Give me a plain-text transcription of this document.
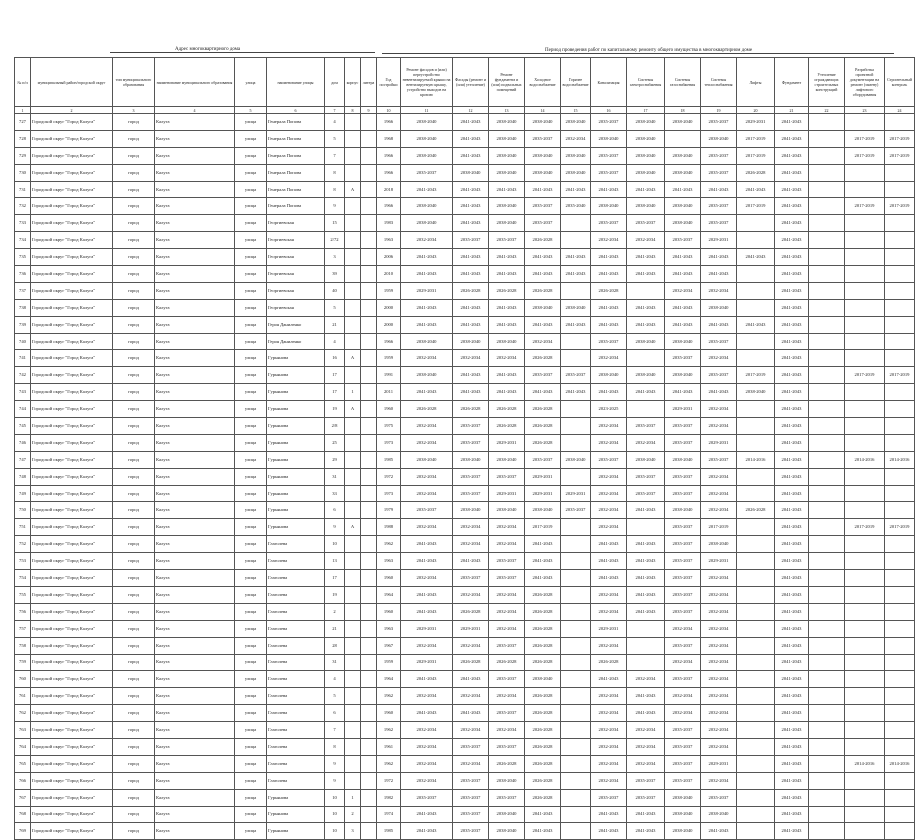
Адрес многоквартирного дома	Период проведения работ по капитальному ремонту общего имущества в многоквартирном доме
№ п/п	муниципальный район/городской округ	тип муниципального образования	наименование муниципального образования	улица	наименование улицы	дом	корпус	литера	Год постройки	Ремонт фасадов и (или) переустройство невентилируемой крыши на вентилируемую крышу, устройство выходов на кровлю	Фасады (ремонт и (или) утепление)	Ремонт фундамента и (или) подвальных помещений	Холодное водоснабжение	Горячее водоснабжение	Канализация	Системы электроснабжения	Системы газоснабжения	Системы теплоснабжения	Лифты	Фундамент	Утепление ограждающих строительных конструкций	Разработка проектной документации на ремонт (замену) лифтового оборудования	Строительный контроль
1	2	3	4	5	6	7	8	9	10	11	12	13	14	15	16	17	18	19	20	21	22	23	24
727	Городской округ "Город Калуга"	город	Калуга	улица	Генерала Попова	4			1966	2038-2040	2041-2043	2038-2040	2038-2040	2038-2040	2035-2037	2038-2040	2038-2040	2035-2037	2029-2031	2041-2043			
728	Городской округ "Город Калуга"	город	Калуга	улица	Генерала Попова	5			1968	2038-2040	2041-2043	2038-2040	2035-2037	2032-2034	2038-2040	2038-2040		2038-2040	2017-2019	2041-2043		2017-2019	2017-2019
729	Городской округ "Город Калуга"	город	Калуга	улица	Генерала Попова	7			1966	2038-2040	2041-2043	2038-2040	2038-2040	2038-2040	2035-2037	2038-2040	2038-2040	2035-2037	2017-2019	2041-2043		2017-2019	2017-2019
730	Городской округ "Город Калуга"	город	Калуга	улица	Генерала Попова	8			1966	2035-2037	2038-2040	2038-2040	2038-2040	2038-2040	2035-2037	2038-2040	2038-2040	2035-2037	2026-2028	2041-2043			
731	Городской округ "Город Калуга"	город	Калуга	улица	Генерала Попова	8	А		2018	2041-2043	2041-2043	2041-2043	2041-2043	2041-2043	2041-2043	2041-2043	2041-2043	2041-2043	2041-2043	2041-2043			
732	Городской округ "Город Калуга"	город	Калуга	улица	Генерала Попова	9			1966	2038-2040	2041-2043	2038-2040	2035-2037	2035-2040	2038-2040	2038-2040	2038-2040	2035-2037	2017-2019	2041-2043		2017-2019	2017-2019
733	Городской округ "Город Калуга"	город	Калуга	улица	Георгиевская	15			1983	2038-2040	2041-2043	2038-2040	2035-2037		2035-2037	2035-2037	2038-2040	2035-2037		2041-2043			
734	Городской округ "Город Калуга"	город	Калуга	улица	Георгиевская	2/72			1963	2032-2034	2035-2037	2035-2037	2026-2028		2032-2034	2032-2034	2035-2037	2029-2031		2041-2043			
735	Городской округ "Город Калуга"	город	Калуга	улица	Георгиевская	3			2006	2041-2043	2041-2043	2041-2043	2041-2043	2041-2043	2041-2043	2041-2043	2041-2043	2041-2043	2041-2043	2041-2043			
736	Городской округ "Город Калуга"	город	Калуга	улица	Георгиевская	39			2010	2041-2043	2041-2043	2041-2043	2041-2043	2041-2043	2041-2043	2041-2043	2041-2043	2041-2043		2041-2043			
737	Городской округ "Город Калуга"	город	Калуга	улица	Георгиевская	40			1959	2029-2031	2026-2028	2026-2028	2026-2028		2026-2028		2032-2034	2032-2034		2041-2043			
738	Городской округ "Город Калуга"	город	Калуга	улица	Георгиевская	5			2000	2041-2043	2041-2043	2041-2043	2038-2040	2038-2040	2041-2043	2041-2043	2041-2043	2038-2040		2041-2043			
739	Городской округ "Город Калуга"	город	Калуга	улица	Героя Даниленко	21			2000	2041-2043	2041-2043	2041-2043	2041-2043	2041-2043	2041-2043	2041-2043	2041-2043	2041-2043	2041-2043	2041-2043			
740	Городской округ "Город Калуга"	город	Калуга	улица	Героя Даниленко	4			1966	2038-2040	2038-2040	2038-2040	2032-2034		2035-2037	2038-2040	2038-2040	2035-2037		2041-2043			
741	Городской округ "Город Калуга"	город	Калуга	улица	Гурьянова	16	А		1959	2032-2034	2032-2034	2032-2034	2026-2028		2032-2034		2035-2037	2032-2034		2041-2043			
742	Городской округ "Город Калуга"	город	Калуга	улица	Гурьянова	17			1991	2038-2040	2041-2043	2041-2043	2035-2037	2035-2037	2038-2040	2038-2040	2038-2040	2035-2037	2017-2019	2041-2043		2017-2019	2017-2019
743	Городской округ "Город Калуга"	город	Калуга	улица	Гурьянова	17	1		2011	2041-2043	2041-2043	2041-2043	2041-2043	2041-2043	2041-2043	2041-2043	2041-2043	2041-2043	2038-2040	2041-2043			
744	Городской округ "Город Калуга"	город	Калуга	улица	Гурьянова	19	А		1960	2026-2028	2026-2028	2026-2028	2026-2028		2023-2025		2029-2031	2032-2034		2041-2043			
745	Городской округ "Город Калуга"	город	Калуга	улица	Гурьянова	2/8			1975	2032-2034	2035-2037	2026-2028	2026-2028		2032-2034	2035-2037	2035-2037	2032-2034		2041-2043			
746	Городской округ "Город Калуга"	город	Калуга	улица	Гурьянова	25			1973	2032-2034	2035-2037	2029-2031	2026-2028		2032-2034	2032-2034	2035-2037	2029-2031		2041-2043			
747	Городской округ "Город Калуга"	город	Калуга	улица	Гурьянова	29			1985	2038-2040	2038-2040	2038-2040	2035-2037	2038-2040	2035-2037	2038-2040	2038-2040	2035-2037	2014-2016	2041-2043		2014-2016	2014-2016
748	Городской округ "Город Калуга"	город	Калуга	улица	Гурьянова	31			1972	2032-2034	2035-2037	2035-2037	2029-2031		2032-2034	2035-2037	2035-2037	2032-2034		2041-2043			
749	Городской округ "Город Калуга"	город	Калуга	улица	Гурьянова	33			1973	2032-2034	2035-2037	2029-2031	2029-2031	2029-2031	2032-2034	2035-2037	2035-2037	2032-2034		2041-2043			
750	Городской округ "Город Калуга"	город	Калуга	улица	Гурьянова	6			1979	2035-2037	2038-2040	2038-2040	2038-2040	2035-2037	2032-2034	2041-2043	2038-2040	2032-2034	2026-2028	2041-2043			
751	Городской округ "Город Калуга"	город	Калуга	улица	Гурьянова	9	А		1988	2032-2034	2032-2034	2032-2034	2017-2019		2032-2034		2035-2037	2017-2019		2041-2043		2017-2019	2017-2019
752	Городской округ "Город Калуга"	город	Калуга	улица	Глаголева	10			1962	2041-2043	2032-2034	2032-2034	2041-2043		2041-2043	2041-2043	2035-2037	2038-2040		2041-2043			
753	Городской округ "Город Калуга"	город	Калуга	улица	Глаголева	13			1963	2041-2043	2041-2043	2035-2037	2041-2043		2041-2043	2041-2043	2035-2037	2029-2031		2041-2043			
754	Городской округ "Город Калуга"	город	Калуга	улица	Глаголева	17			1960	2032-2034	2035-2037	2035-2037	2041-2043		2041-2043	2041-2043	2035-2037	2032-2034		2041-2043			
755	Городской округ "Город Калуга"	город	Калуга	улица	Глаголева	19			1964	2041-2043	2032-2034	2032-2034	2026-2028		2032-2034	2041-2043	2035-2037	2032-2034		2041-2043			
756	Городской округ "Город Калуга"	город	Калуга	улица	Глаголева	2			1960	2041-2043	2026-2028	2032-2034	2026-2028		2032-2034	2041-2043	2035-2037	2032-2034		2041-2043			
757	Городской округ "Город Калуга"	город	Калуга	улица	Глаголева	21			1963	2029-2031	2029-2031	2032-2034	2026-2028		2029-2031		2032-2034	2032-2034		2041-2043			
758	Городской округ "Город Калуга"	город	Калуга	улица	Глаголева	28			1967	2032-2034	2032-2034	2035-2037	2026-2028		2032-2034		2035-2037	2032-2034		2041-2043			
759	Городской округ "Город Калуга"	город	Калуга	улица	Глаголева	31			1959	2029-2031	2026-2028	2026-2028	2026-2028		2026-2028		2032-2034	2032-2034		2041-2043			
760	Городской округ "Город Калуга"	город	Калуга	улица	Глаголева	4			1964	2041-2043	2041-2043	2035-2037	2038-2040		2041-2043	2032-2034	2035-2037	2032-2034		2041-2043			
761	Городской округ "Город Калуга"	город	Калуга	улица	Глаголева	5			1962	2032-2034	2032-2034	2032-2034	2026-2028		2032-2034	2041-2043	2032-2034	2032-2034		2041-2043			
762	Городской округ "Город Калуга"	город	Калуга	улица	Глаголева	6			1960	2041-2043	2041-2043	2035-2037	2026-2028		2032-2034	2041-2043	2032-2034	2032-2034		2041-2043			
763	Городской округ "Город Калуга"	город	Калуга	улица	Глаголева	7			1962	2032-2034	2032-2034	2032-2034	2026-2028		2032-2034	2032-2034	2035-2037	2032-2034		2041-2043			
764	Городской округ "Город Калуга"	город	Калуга	улица	Глаголева	8			1961	2032-2034	2035-2037	2035-2037	2026-2028		2032-2034	2032-2034	2035-2037	2032-2034		2041-2043			
765	Городской округ "Город Калуга"	город	Калуга	улица	Глаголева	9			1962	2032-2034	2032-2034	2026-2028	2026-2028		2032-2034	2032-2034	2035-2037	2029-2031		2041-2043		2014-2016	2014-2016
766	Городской округ "Город Калуга"	город	Калуга	улица	Глаголева	9			1972	2032-2034	2035-2037	2038-2040	2026-2028		2032-2034	2035-2037	2035-2037	2032-2034		2041-2043			
767	Городской округ "Город Калуга"	город	Калуга	улица	Гурьянова	10	1		1982	2035-2037	2035-2037	2035-2037	2026-2028		2035-2037	2035-2037	2038-2040	2035-2037		2041-2043			
768	Городской округ "Город Калуга"	город	Калуга	улица	Гурьянова	10	2		1974	2041-2043	2035-2037	2038-2040	2041-2043		2041-2043	2041-2043	2038-2040	2038-2040		2041-2043			
769	Городской округ "Город Калуга"	город	Калуга	улица	Гурьянова	10	3		1985	2041-2043	2035-2037	2038-2040	2041-2043		2041-2043	2041-2043	2038-2040	2041-2043		2041-2043			
